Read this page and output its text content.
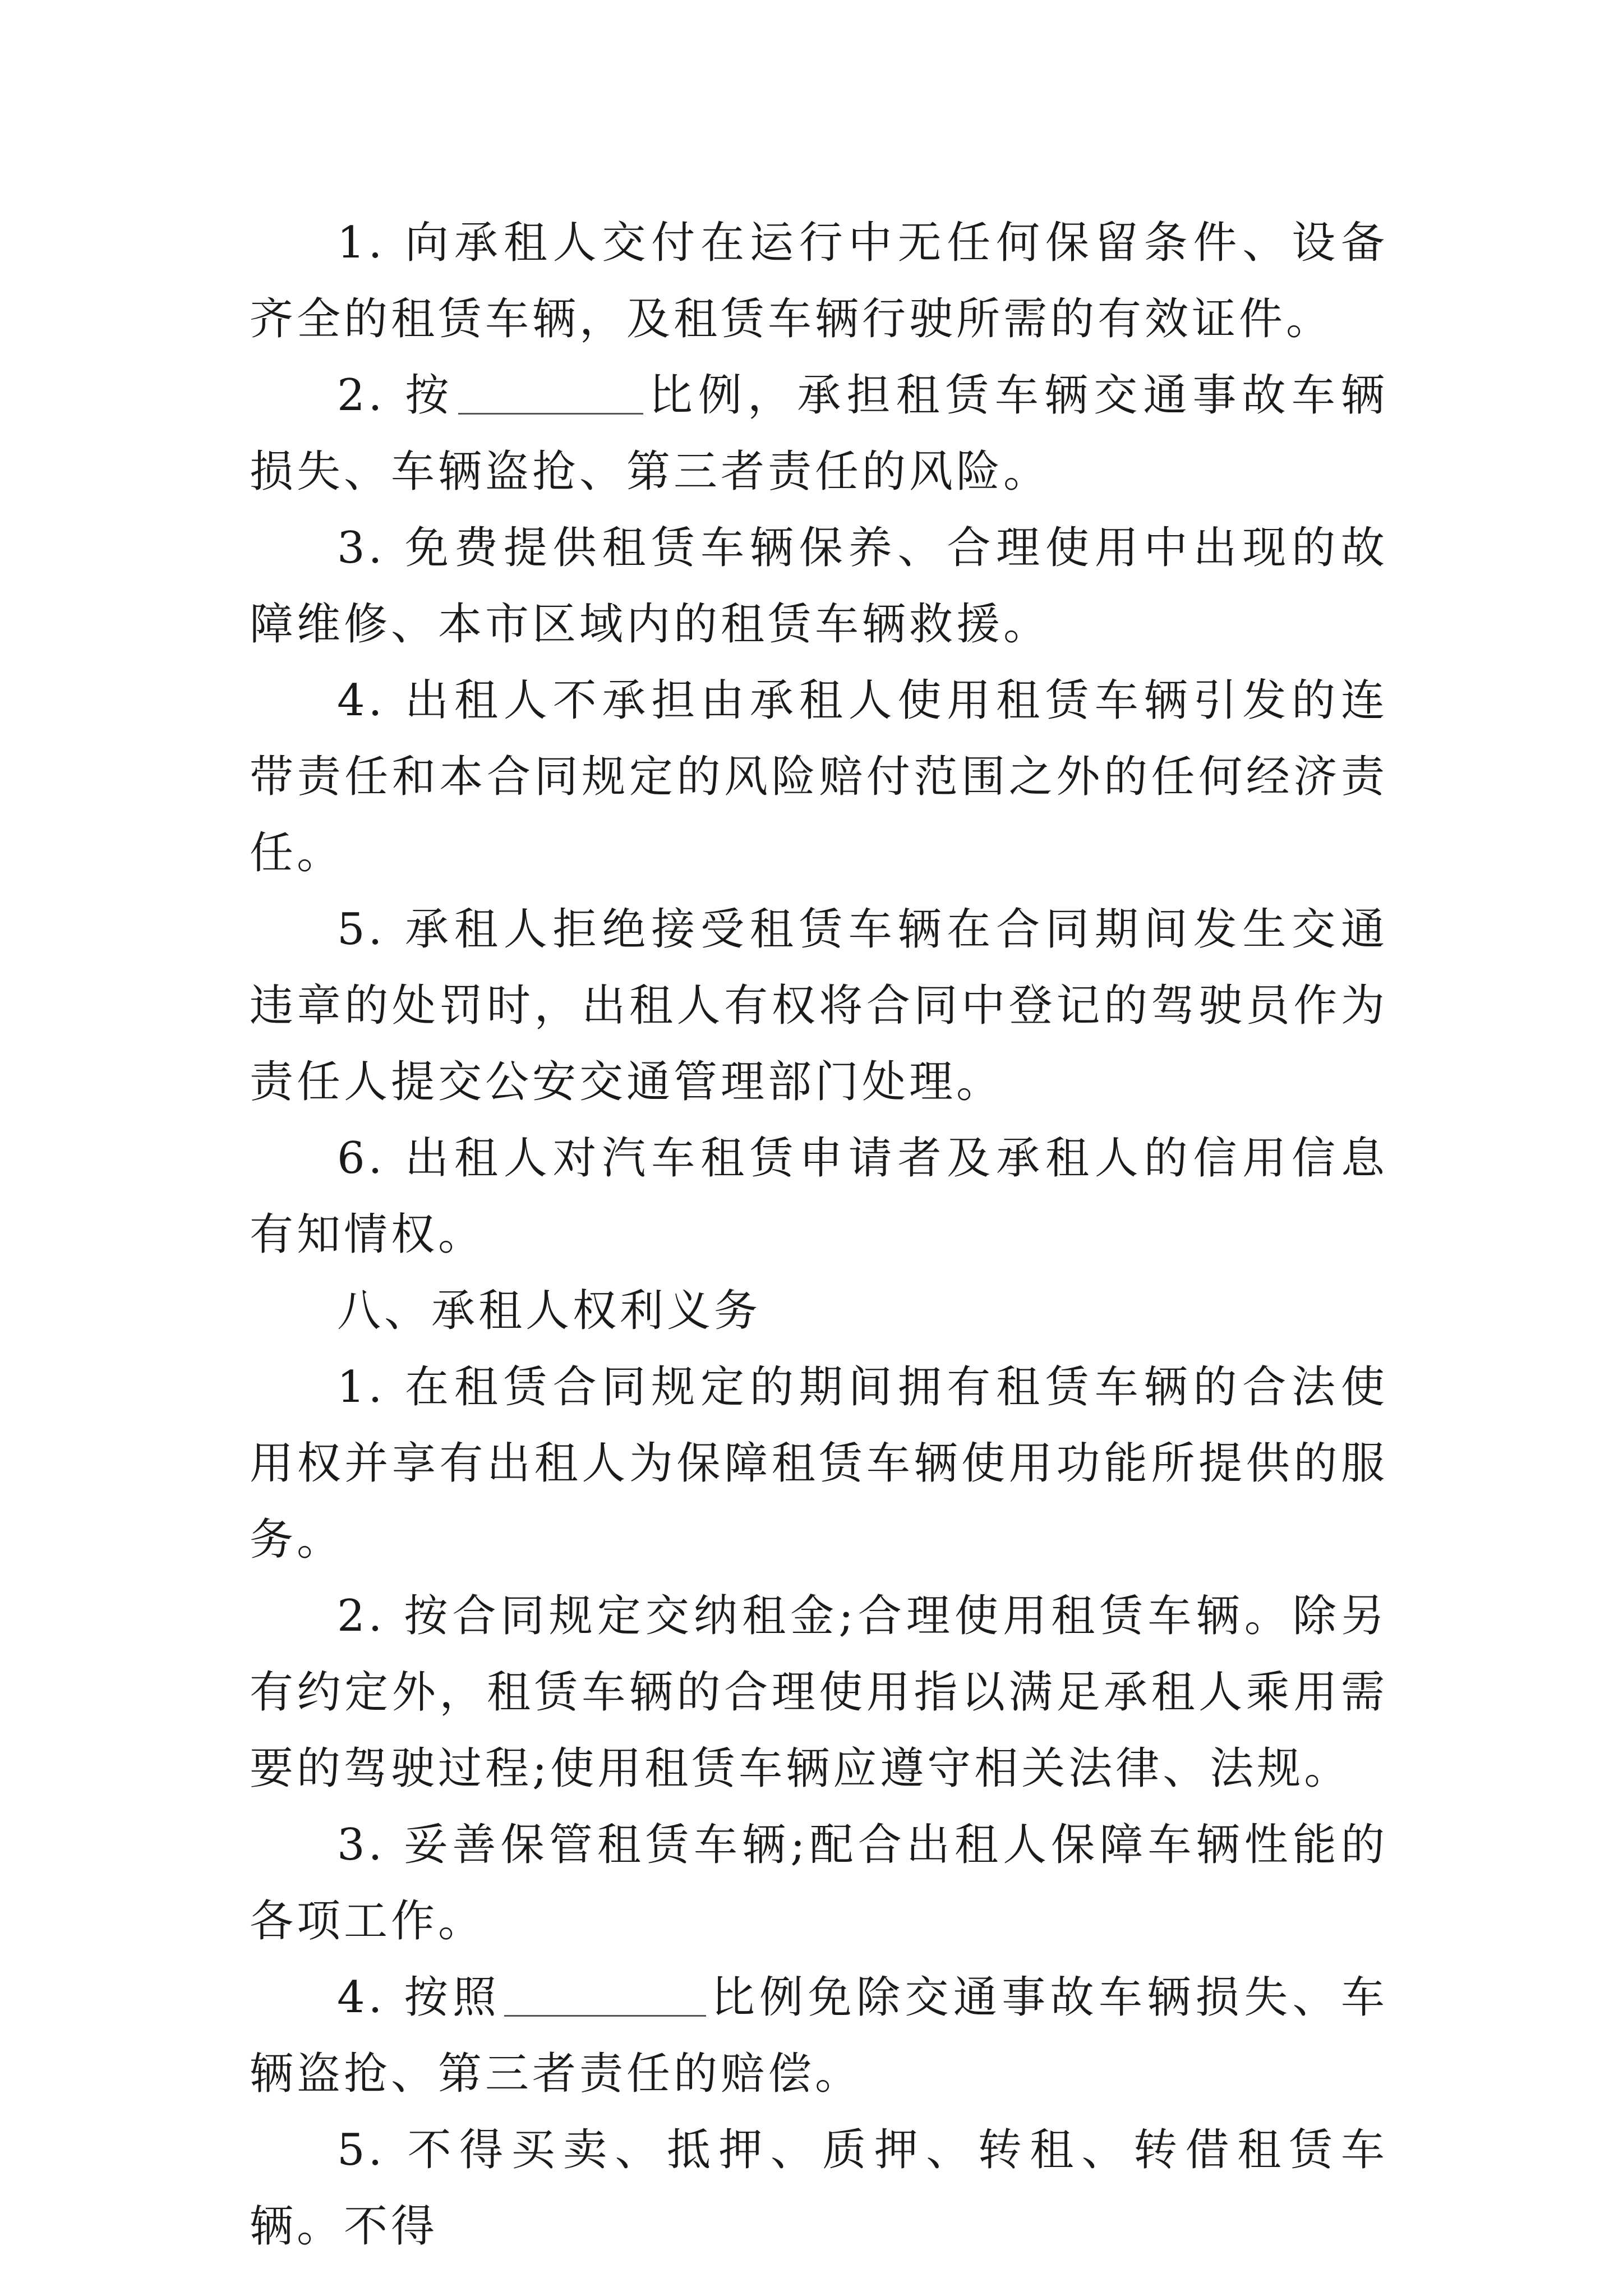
1. 向承租人交付在运行中无任何保留条件、设备齐全的租赁车辆，及租赁车辆行驶所需的有效证件。

2. 按	比例，承担租赁车辆交通事故车辆损失、车辆盗抢、第三者责任的风险。

3. 免费提供租赁车辆保养、合理使用中出现的故障维修、本市区域内的租赁车辆救援。

4. 出租人不承担由承租人使用租赁车辆引发的连带责任和本合同规定的风险赔付范围之外的任何经济责任。

5. 承租人拒绝接受租赁车辆在合同期间发生交通违章的处罚时，出租人有权将合同中登记的驾驶员作为责任人提交公安交通管理部门处理。

6. 出租人对汽车租赁申请者及承租人的信用信息有知情权。

八、承租人权利义务

1. 在租赁合同规定的期间拥有租赁车辆的合法使用权并享有出租人为保障租赁车辆使用功能所提供的服务。

2. 按合同规定交纳租金;合理使用租赁车辆。除另有约定外，租赁车辆的合理使用指以满足承租人乘用需要的驾驶过程;使用租赁车辆应遵守相关法律、法规。

3. 妥善保管租赁车辆;配合出租人保障车辆性能的各项工作。

4. 按照	比例免除交通事故车辆损失、车辆盗抢、第三者责任的赔偿。

5. 不得买卖、抵押、质押、转租、转借租赁车辆。不得
